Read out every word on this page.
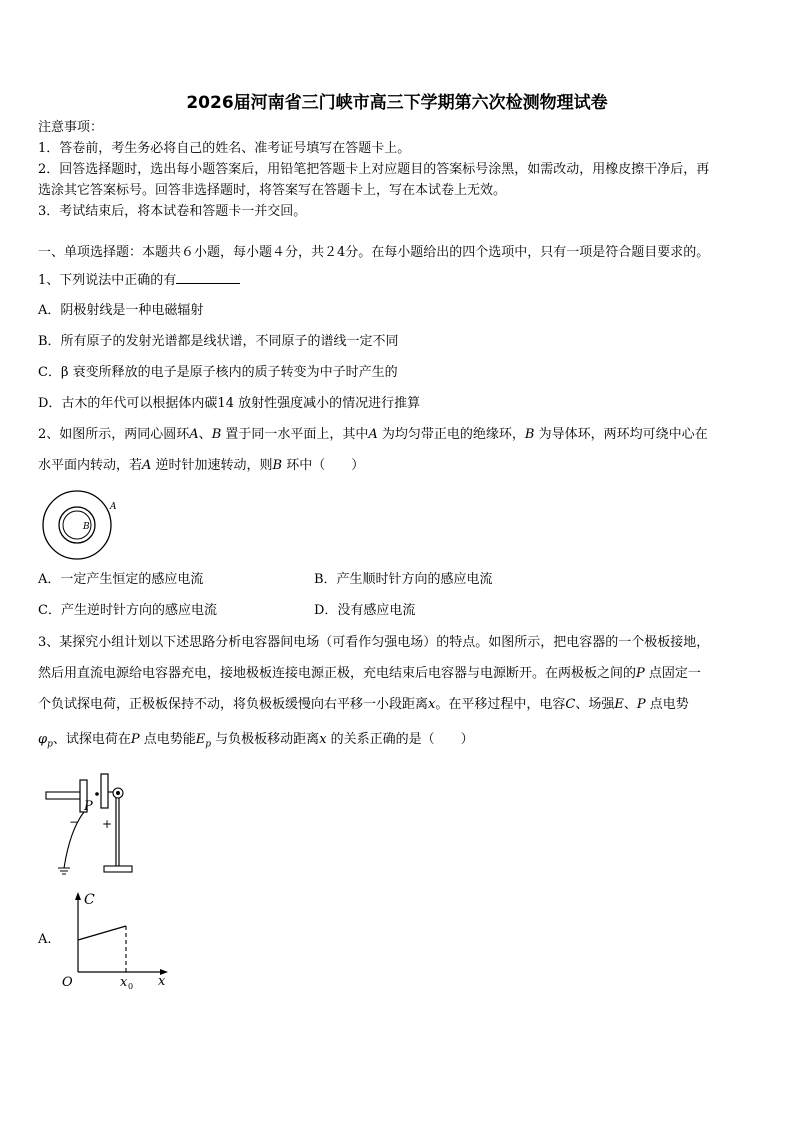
2026届河南省三门峡市高三下学期第六次检测物理试卷
注意事项：
1．答卷前，考生务必将自己的姓名、准考证号填写在答题卡上。
2．回答选择题时，选出每小题答案后，用铅笔把答题卡上对应题目的答案标号涂黑，如需改动，用橡皮擦干净后，再
选涂其它答案标号。回答非选择题时，将答案写在答题卡上，写在本试卷上无效。
3．考试结束后，将本试卷和答题卡一并交回。
一、单项选择题：本题共６小题，每小题４分，共２4分。在每小题给出的四个选项中，只有一项是符合题目要求的。
1、下列说法中正确的有
A．阴极射线是一种电磁辐射
B．所有原子的发射光谱都是线状谱，不同原子的谱线一定不同
C．β 衰变所释放的电子是原子核内的质子转变为中子时产生的
D．古木的年代可以根据体内碳14 放射性强度减小的情况进行推算
2、如图所示，两同心圆环A、B 置于同一水平面上，其中A 为均匀带正电的绝缘环，B 为导体环，两环均可绕中心在
水平面内转动，若A 逆时针加速转动，则B 环中（　　）
B
A
A．一定产生恒定的感应电流	B．产生顺时针方向的感应电流
C．产生逆时针方向的感应电流	D．没有感应电流
3、某探究小组计划以下述思路分析电容器间电场（可看作匀强电场）的特点。如图所示，把电容器的一个极板接地，
然后用直流电源给电容器充电，接地极板连接电源正极，充电结束后电容器与电源断开。在两极板之间的P 点固定一
个负试探电荷，正极板保持不动，将负极板缓慢向右平移一小段距离x。在平移过程中，电容C、场强E、P 点电势
$\varphi_p$、试探电荷在P 点电势能$E_p$ 与负极板移动距离x 的关系正确的是（　　）
P
− +
A.
C
x
O	x 0
